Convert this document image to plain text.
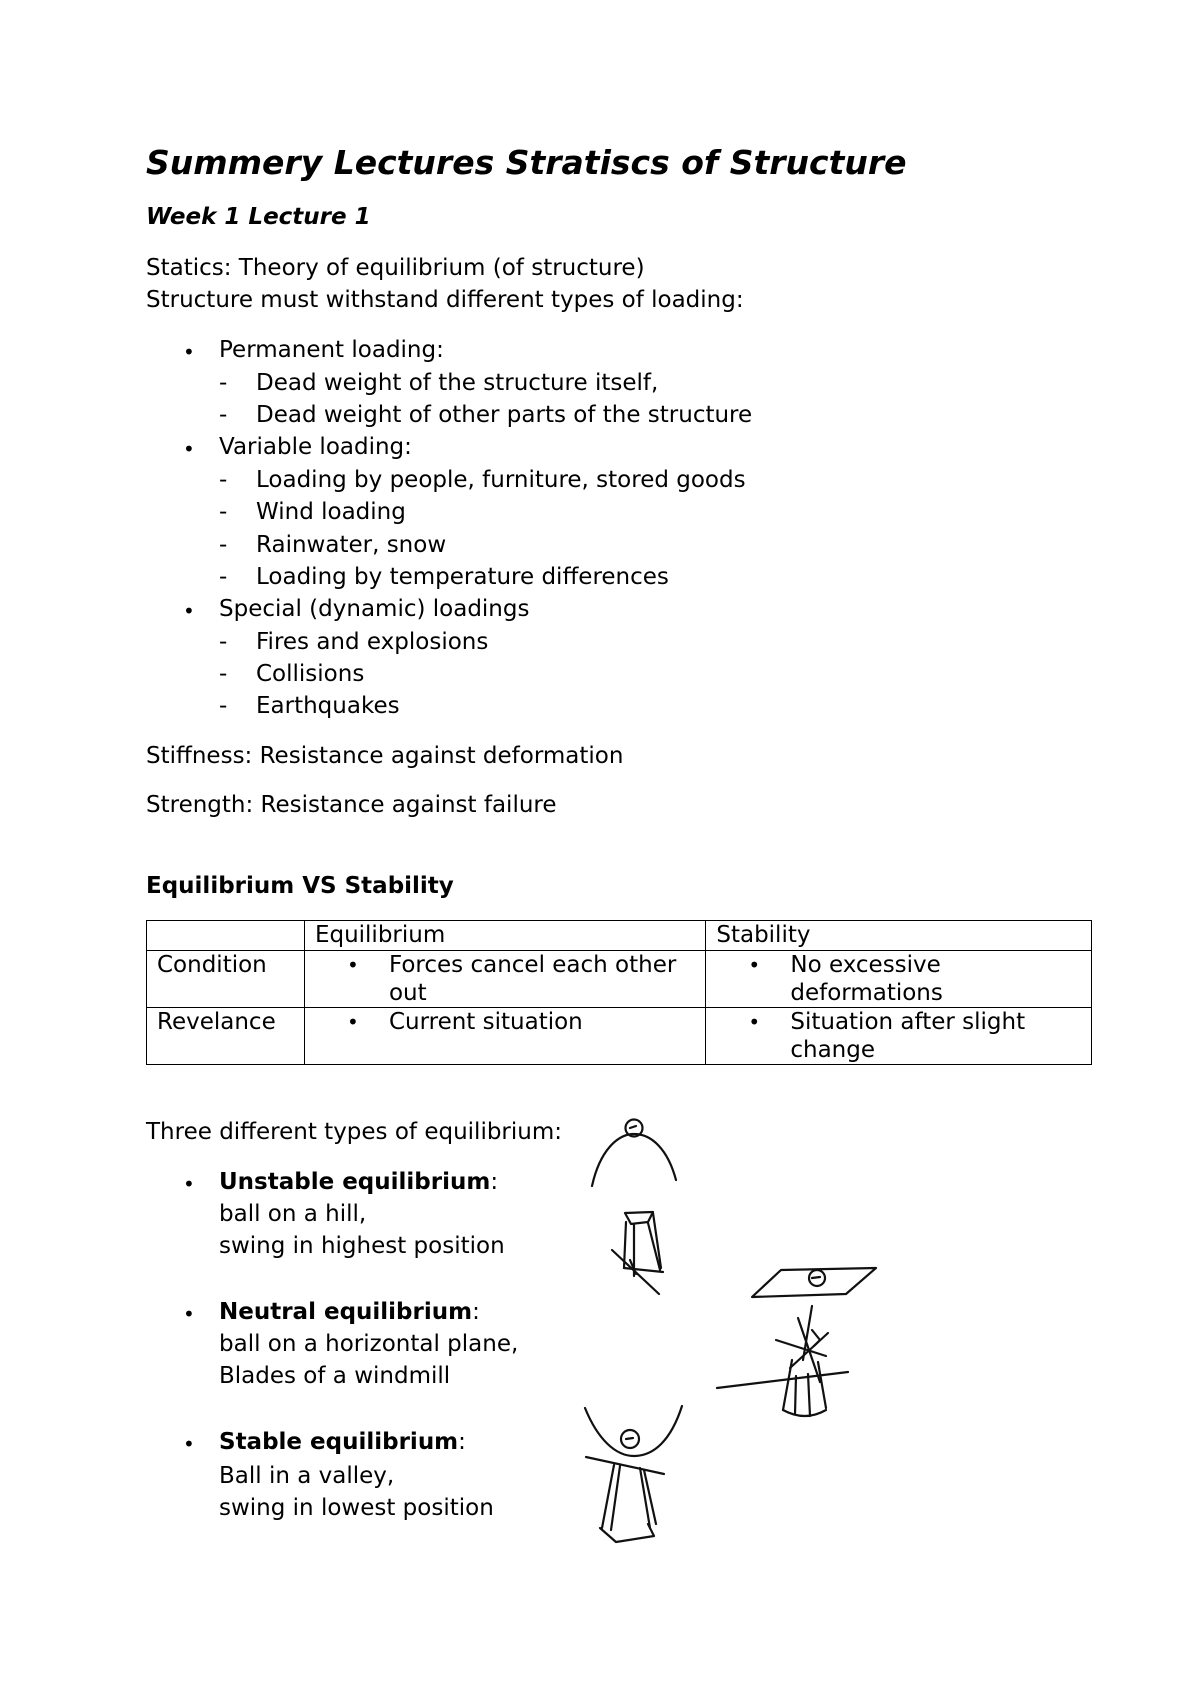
Summery Lectures Stratiscs of Structure
Week 1 Lecture 1
Statics: Theory of equilibrium (of structure)
Structure must withstand different types of loading:
• Permanent loading:
- Dead weight of the structure itself,
- Dead weight of other parts of the structure
• Variable loading:
- Loading by people, furniture, stored goods
- Wind loading
- Rainwater, snow
- Loading by temperature differences
• Special (dynamic) loadings
- Fires and explosions
- Collisions
- Earthquakes
Stiffness: Resistance against deformation
Strength: Resistance against failure
Equilibrium VS Stability
	Equilibrium	Stability
Condition	• Forces cancel each other out	• No excessive deformations
Revelance	• Current situation	• Situation after slight change
Three different types of equilibrium:
• Unstable equilibrium:
ball on a hill,
swing in highest position
• Neutral equilibrium:
ball on a horizontal plane,
Blades of a windmill
• Stable equilibrium:
Ball in a valley,
swing in lowest position
